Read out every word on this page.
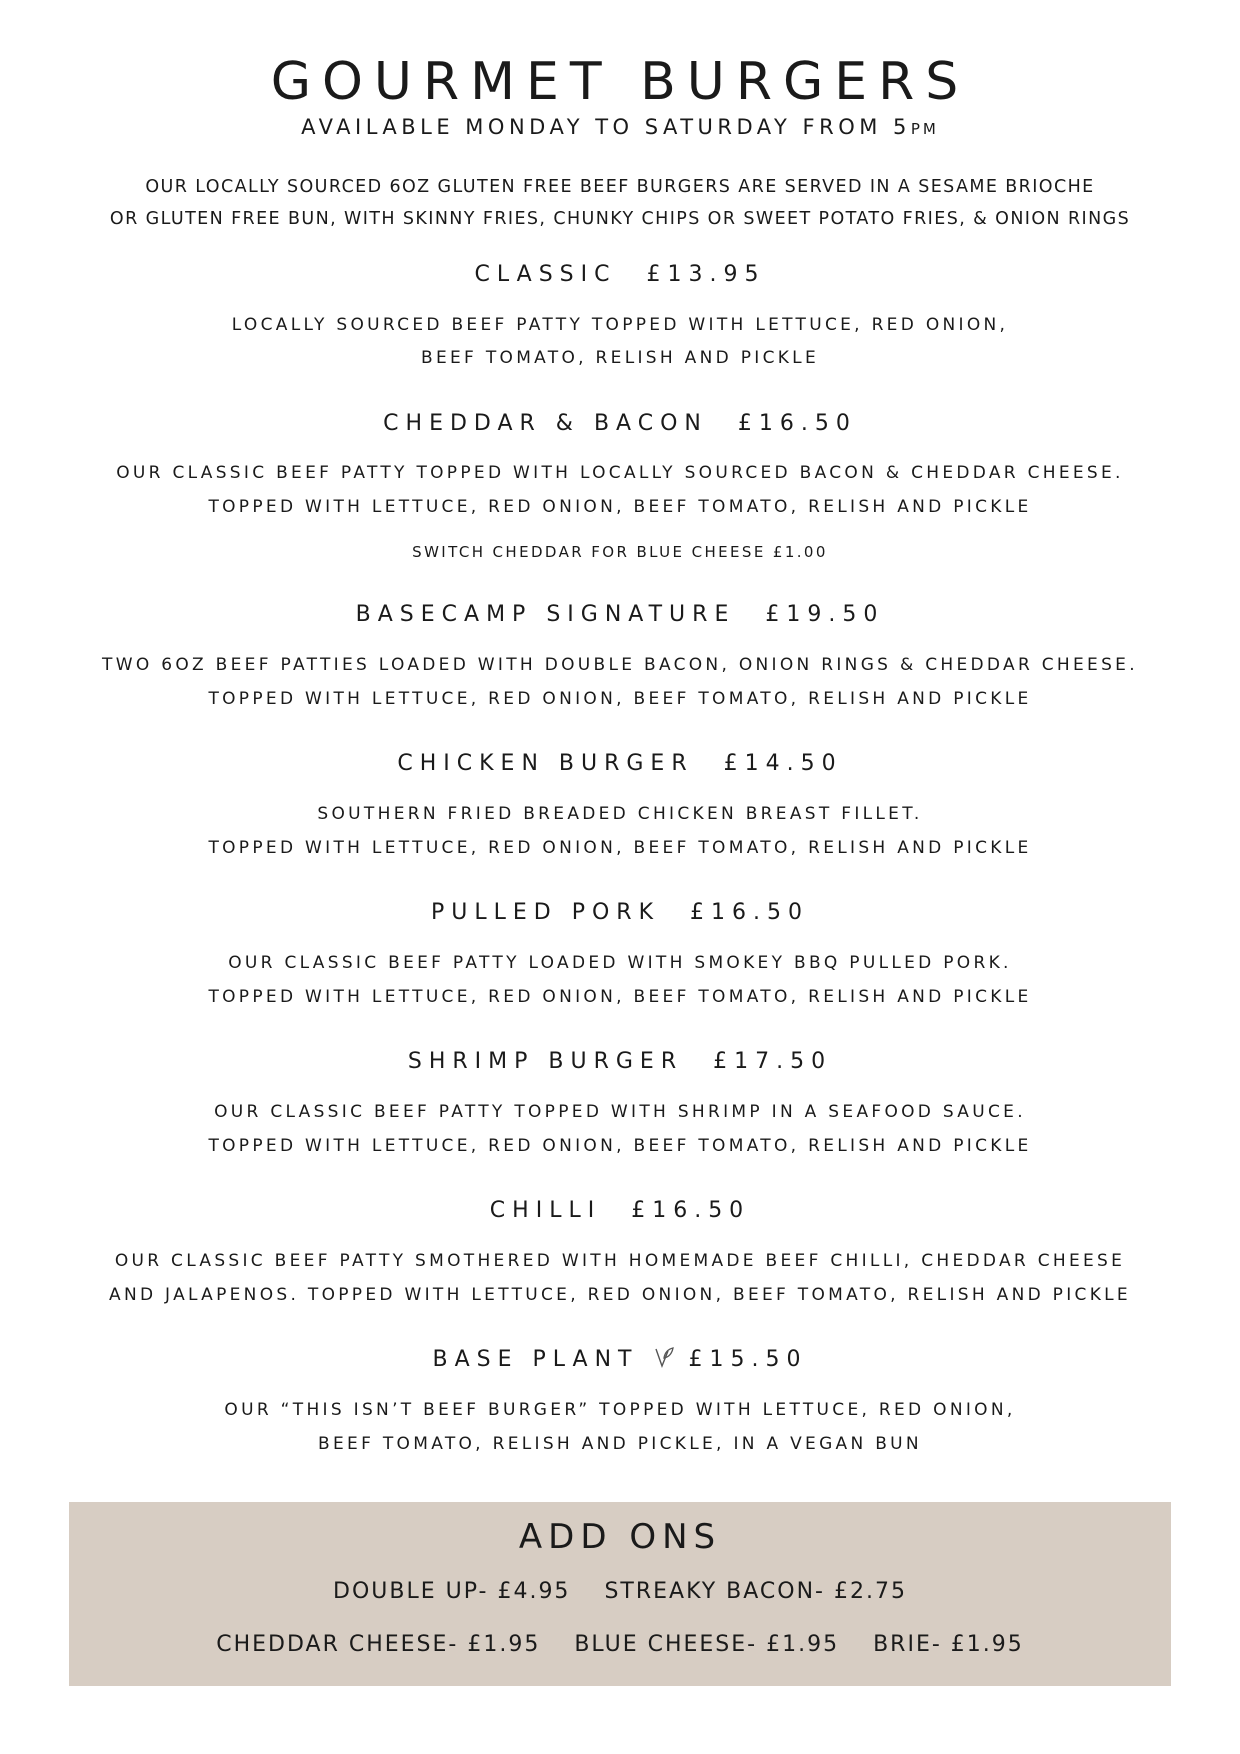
GOURMET BURGERS
AVAILABLE MONDAY TO SATURDAY FROM 5PM
OUR LOCALLY SOURCED 6OZ GLUTEN FREE BEEF BURGERS ARE SERVED IN A SESAME BRIOCHE
OR GLUTEN FREE BUN, WITH SKINNY FRIES, CHUNKY CHIPS OR SWEET POTATO FRIES, & ONION RINGS
CLASSIC £13.95
LOCALLY SOURCED BEEF PATTY TOPPED WITH LETTUCE, RED ONION,
BEEF TOMATO, RELISH AND PICKLE
CHEDDAR & BACON £16.50
OUR CLASSIC BEEF PATTY TOPPED WITH LOCALLY SOURCED BACON & CHEDDAR CHEESE.
TOPPED WITH LETTUCE, RED ONION, BEEF TOMATO, RELISH AND PICKLE
SWITCH CHEDDAR FOR BLUE CHEESE £1.00
BASECAMP SIGNATURE £19.50
TWO 6OZ BEEF PATTIES LOADED WITH DOUBLE BACON, ONION RINGS & CHEDDAR CHEESE.
TOPPED WITH LETTUCE, RED ONION, BEEF TOMATO, RELISH AND PICKLE
CHICKEN BURGER £14.50
SOUTHERN FRIED BREADED CHICKEN BREAST FILLET.
TOPPED WITH LETTUCE, RED ONION, BEEF TOMATO, RELISH AND PICKLE
PULLED PORK £16.50
OUR CLASSIC BEEF PATTY LOADED WITH SMOKEY BBQ PULLED PORK.
TOPPED WITH LETTUCE, RED ONION, BEEF TOMATO, RELISH AND PICKLE
SHRIMP BURGER £17.50
OUR CLASSIC BEEF PATTY TOPPED WITH SHRIMP IN A SEAFOOD SAUCE.
TOPPED WITH LETTUCE, RED ONION, BEEF TOMATO, RELISH AND PICKLE
CHILLI £16.50
OUR CLASSIC BEEF PATTY SMOTHERED WITH HOMEMADE BEEF CHILLI, CHEDDAR CHEESE
AND JALAPENOS. TOPPED WITH LETTUCE, RED ONION, BEEF TOMATO, RELISH AND PICKLE
BASE PLANT £15.50
OUR “THIS ISN’T BEEF BURGER” TOPPED WITH LETTUCE, RED ONION,
BEEF TOMATO, RELISH AND PICKLE, IN A VEGAN BUN
ADD ONS
DOUBLE UP- £4.95 STREAKY BACON- £2.75
CHEDDAR CHEESE- £1.95 BLUE CHEESE- £1.95 BRIE- £1.95
